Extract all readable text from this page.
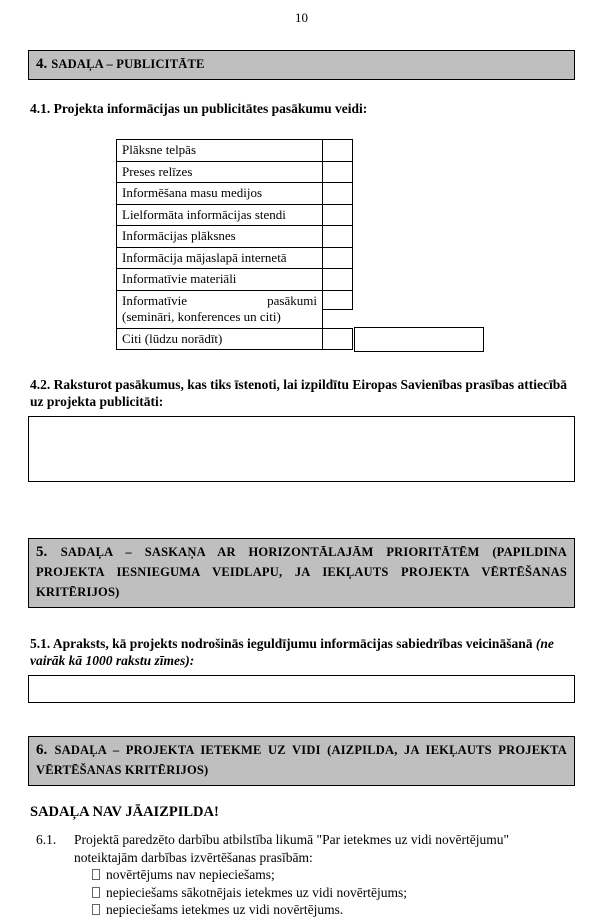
10
4. SADAĻA – PUBLICITĀTE

4.1. Projekta informācijas un publicitātes pasākumu veidi:

Plāksne telpās	
Preses relīzes	
Informēšana masu medijos	
Lielformāta informācijas stendi	
Informācijas plāksnes	
Informācija mājaslapā internetā	
Informatīvie materiāli	

Informatīvie pasākumi
(semināri, konferences un citi)	

Citi (lūdzu norādīt)	

4.2. Raksturot pasākumus, kas tiks īstenoti, lai izpildītu Eiropas Savienības prasības attiecībā uz projekta publicitāti:

5. SADAĻA – SASKAŅA AR HORIZONTĀLAJĀM PRIORITĀTĒM (PAPILDINA PROJEKTA IESNIEGUMA VEIDLAPU, JA IEKĻAUTS PROJEKTA VĒRTĒŠANAS KRITĒRIJOS)

5.1. Apraksts, kā projekts nodrošinās ieguldījumu informācijas sabiedrības veicināšanā (ne vairāk kā 1000 rakstu zīmes):

6. SADAĻA – PROJEKTA IETEKME UZ VIDI (AIZPILDA, JA IEKĻAUTS PROJEKTA VĒRTĒŠANAS KRITĒRIJOS)

SADAĻA NAV JĀAIZPILDA!

6.1.	Projektā paredzēto darbību atbilstība likumā "Par ietekmes uz vidi novērtējumu" noteiktajām darbības izvērtēšanas prasībām:

novērtējums nav nepieciešams;
nepieciešams sākotnējais ietekmes uz vidi novērtējums;
nepieciešams ietekmes uz vidi novērtējums.
